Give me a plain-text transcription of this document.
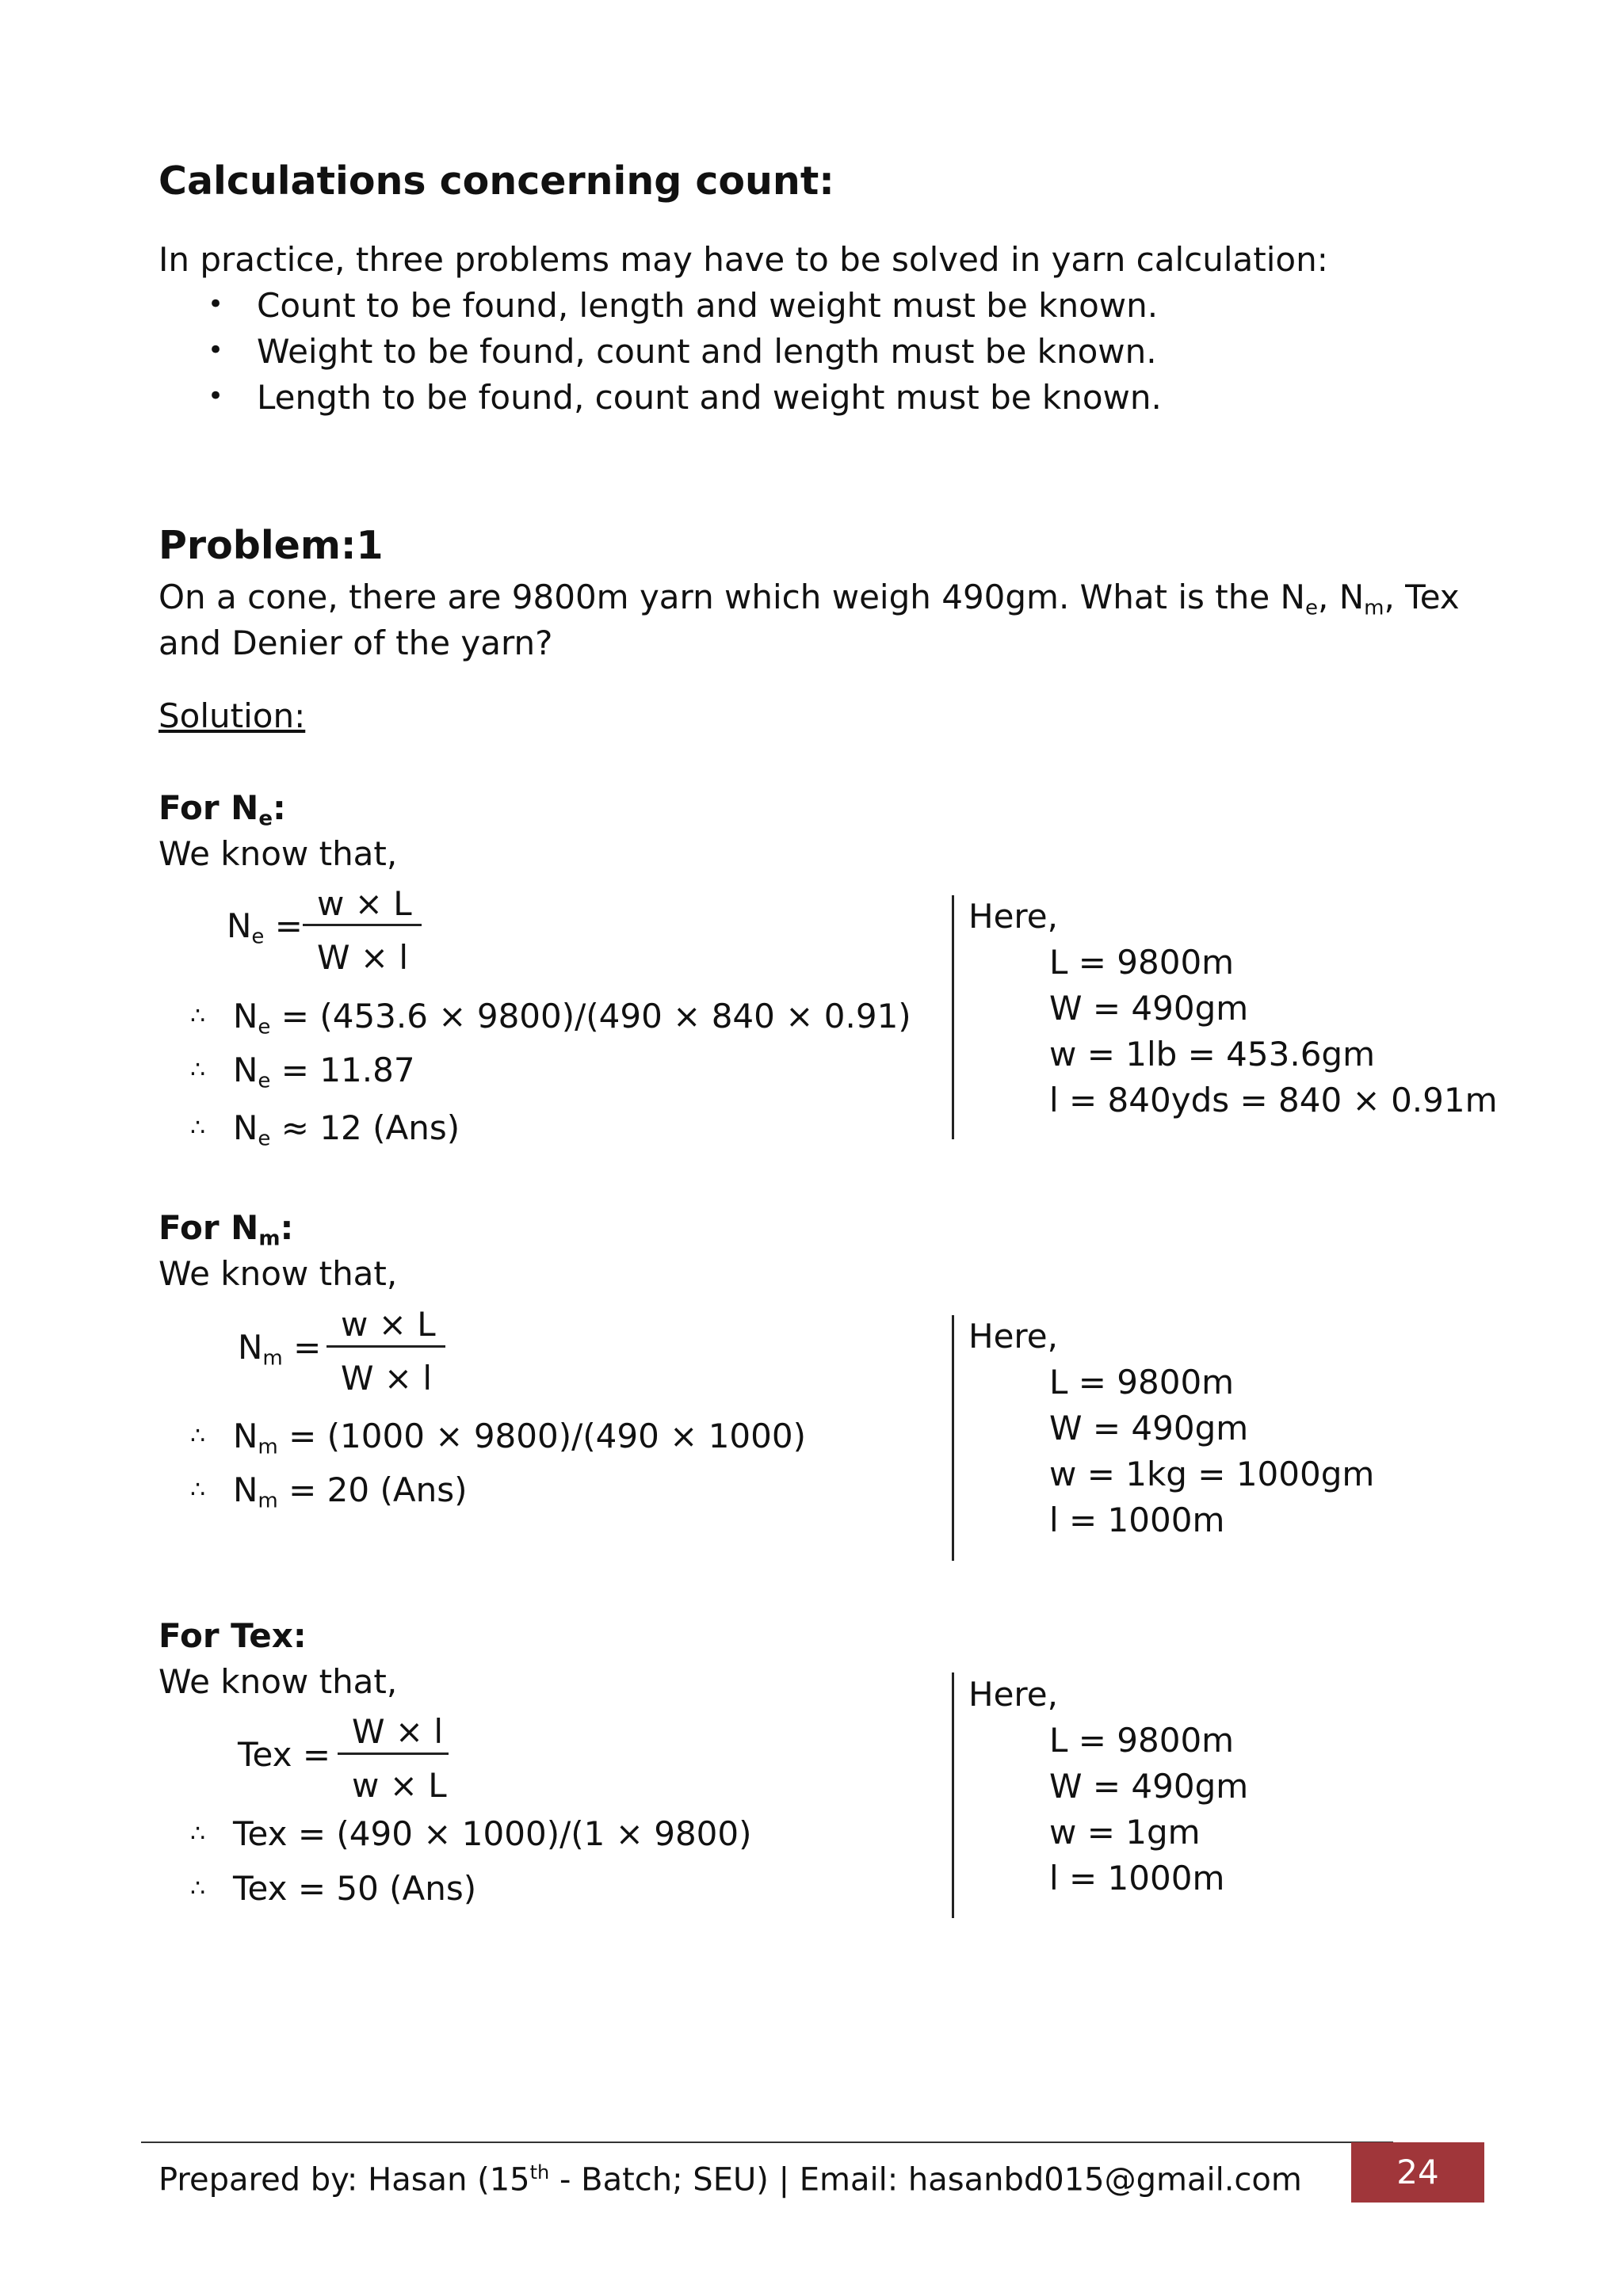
Calculations concerning count:
In practice, three problems may have to be solved in yarn calculation:
• Count to be found, length and weight must be known.
• Weight to be found, count and length must be known.
• Length to be found, count and weight must be known.
Problem:1
On a cone, there are 9800m yarn which weigh 490gm. What is the $N_e$, $N_m$, Tex
and Denier of the yarn?
Solution:
For $N_e$:
We know that,
$N_e$ =
w × L
W × l
∴ $N_e = (453.6 \times 9800)/(490 \times 840 \times 0.91)$
∴ $N_e = 11.87$
∴ $N_e \approx 12$ (Ans)
Here,
L = 9800m
W = 490gm
w = 1lb = 453.6gm
l = 840yds = 840 × 0.91m
For $N_m$:
We know that,
$N_m$ =
w × L
W × l
∴ $N_m = (1000 \times 9800)/(490 \times 1000)$
∴ $N_m = 20$ (Ans)
Here,
L = 9800m
W = 490gm
w = 1kg = 1000gm
l = 1000m
For Tex:
We know that,
Tex =
W × l
w × L
∴ Tex = (490 × 1000)/(1 × 9800)
∴ Tex = 50 (Ans)
Here,
L = 9800m
W = 490gm
w = 1gm
l = 1000m
Prepared by: Hasan (15th - Batch; SEU) | Email: hasanbd015@gmail.com	24
